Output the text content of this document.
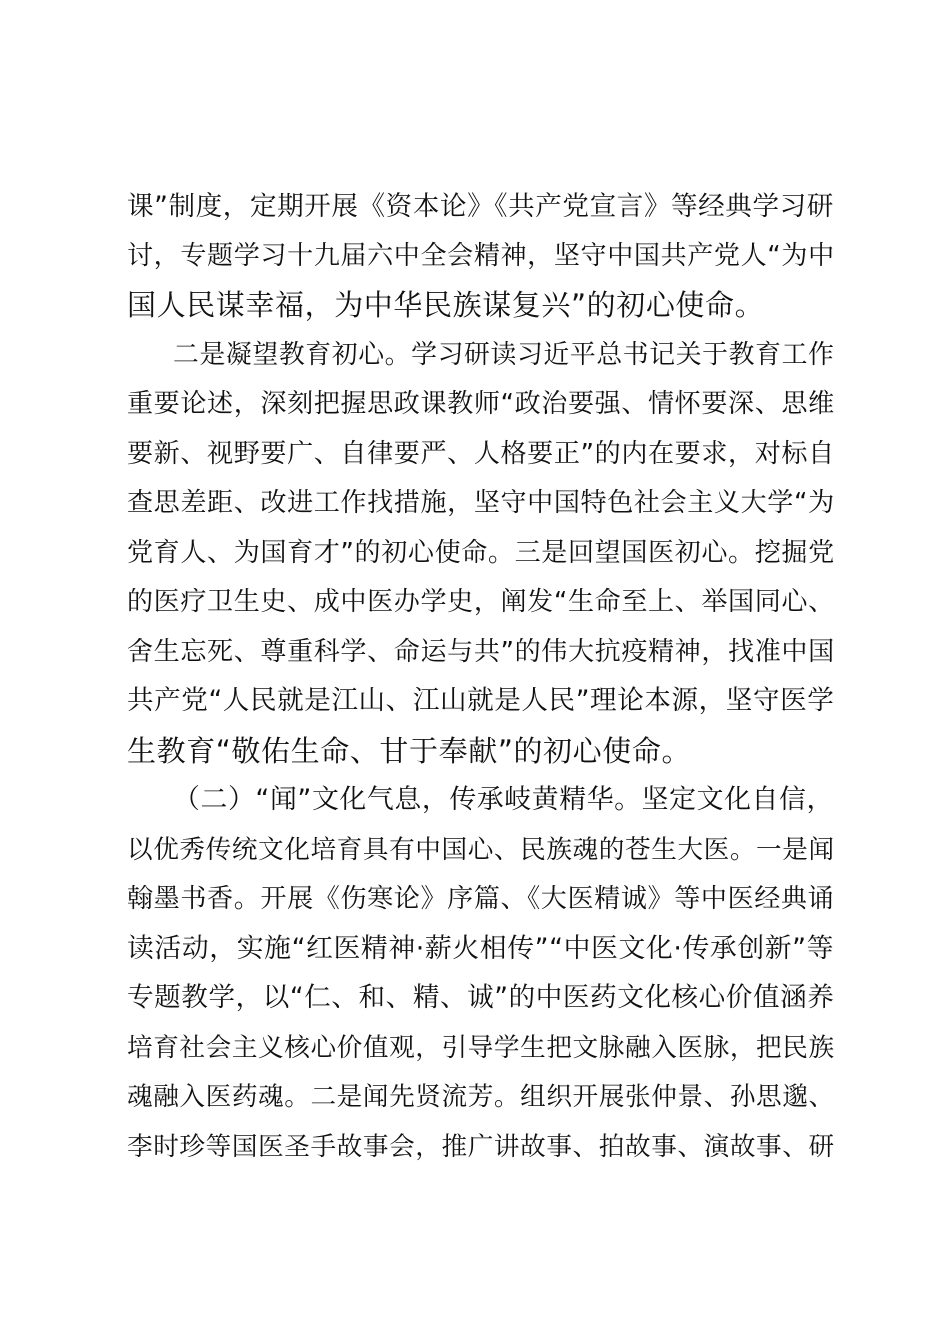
课”制度，定期开展《资本论》《共产党宣言》等经典学习研
讨，专题学习十九届六中全会精神，坚守中国共产党人“为中
国人民谋幸福，为中华民族谋复兴”的初心使命。
二是凝望教育初心。学习研读习近平总书记关于教育工作
重要论述，深刻把握思政课教师“政治要强、情怀要深、思维
要新、视野要广、自律要严、人格要正”的内在要求，对标自
查思差距、改进工作找措施，坚守中国特色社会主义大学“为
党育人、为国育才”的初心使命。三是回望国医初心。挖掘党
的医疗卫生史、成中医办学史，阐发“生命至上、举国同心、
舍生忘死、尊重科学、命运与共”的伟大抗疫精神，找准中国
共产党“人民就是江山、江山就是人民”理论本源，坚守医学
生教育“敬佑生命、甘于奉献”的初心使命。
（二）“闻”文化气息，传承岐黄精华。坚定文化自信，
以优秀传统文化培育具有中国心、民族魂的苍生大医。一是闻
翰墨书香。开展《伤寒论》序篇、《大医精诚》等中医经典诵
读活动，实施“红医精神·薪火相传”“中医文化·传承创新”等
专题教学，以“仁、和、精、诚”的中医药文化核心价值涵养
培育社会主义核心价值观，引导学生把文脉融入医脉，把民族
魂融入医药魂。二是闻先贤流芳。组织开展张仲景、孙思邈、
李时珍等国医圣手故事会，推广讲故事、拍故事、演故事、研
